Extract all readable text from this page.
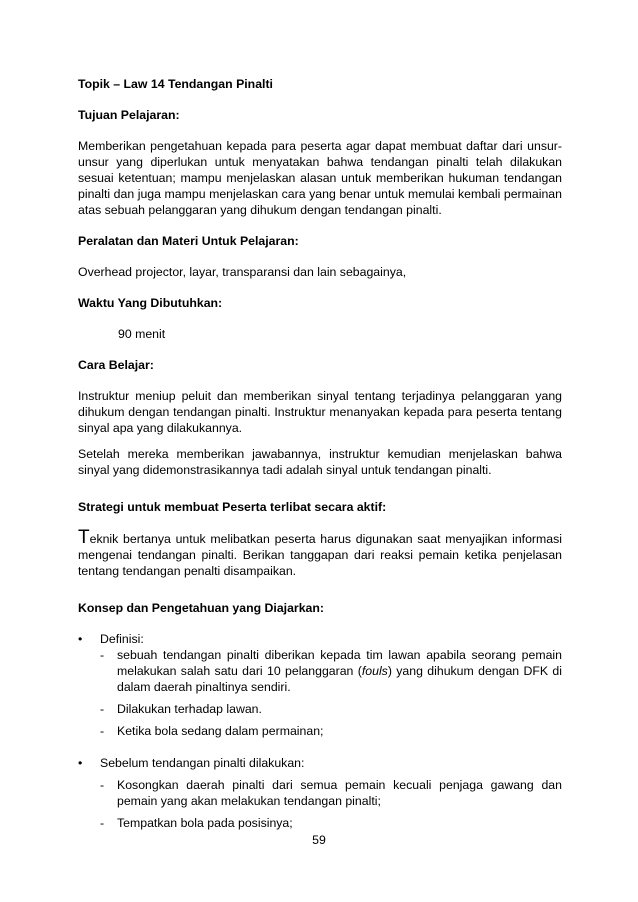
Topik – Law 14 Tendangan Pinalti

Tujuan Pelajaran:

Memberikan pengetahuan kepada para peserta agar dapat membuat daftar dari unsur-unsur yang diperlukan untuk menyatakan bahwa tendangan pinalti telah dilakukan sesuai ketentuan; mampu menjelaskan alasan untuk memberikan hukuman tendangan pinalti dan juga mampu menjelaskan cara yang benar untuk memulai kembali permainan atas sebuah pelanggaran yang dihukum dengan tendangan pinalti.

Peralatan dan Materi Untuk Pelajaran:

Overhead projector, layar, transparansi dan lain sebagainya,

Waktu Yang Dibutuhkan:

90 menit

Cara Belajar:

Instruktur meniup peluit dan memberikan sinyal tentang terjadinya pelanggaran yang dihukum dengan tendangan pinalti. Instruktur menanyakan kepada para peserta tentang sinyal apa yang dilakukannya.

Setelah mereka memberikan jawabannya, instruktur kemudian menjelaskan bahwa sinyal yang didemonstrasikannya tadi adalah sinyal untuk tendangan pinalti.

Strategi untuk membuat Peserta terlibat secara aktif:

Teknik bertanya untuk melibatkan peserta harus digunakan saat menyajikan informasi mengenai tendangan pinalti. Berikan tanggapan dari reaksi pemain ketika penjelasan tentang tendangan penalti disampaikan.

Konsep dan Pengetahuan yang Diajarkan:

•	Definisi:

-	sebuah tendangan pinalti diberikan kepada tim lawan apabila seorang pemain melakukan salah satu dari 10 pelanggaran (fouls) yang dihukum dengan DFK di dalam daerah pinaltinya sendiri.

-	Dilakukan terhadap lawan.

-	Ketika bola sedang dalam permainan;

•	Sebelum tendangan pinalti dilakukan:

-	Kosongkan daerah pinalti dari semua pemain kecuali penjaga gawang dan pemain yang akan melakukan tendangan pinalti;

-	Tempatkan bola pada posisinya;

59
